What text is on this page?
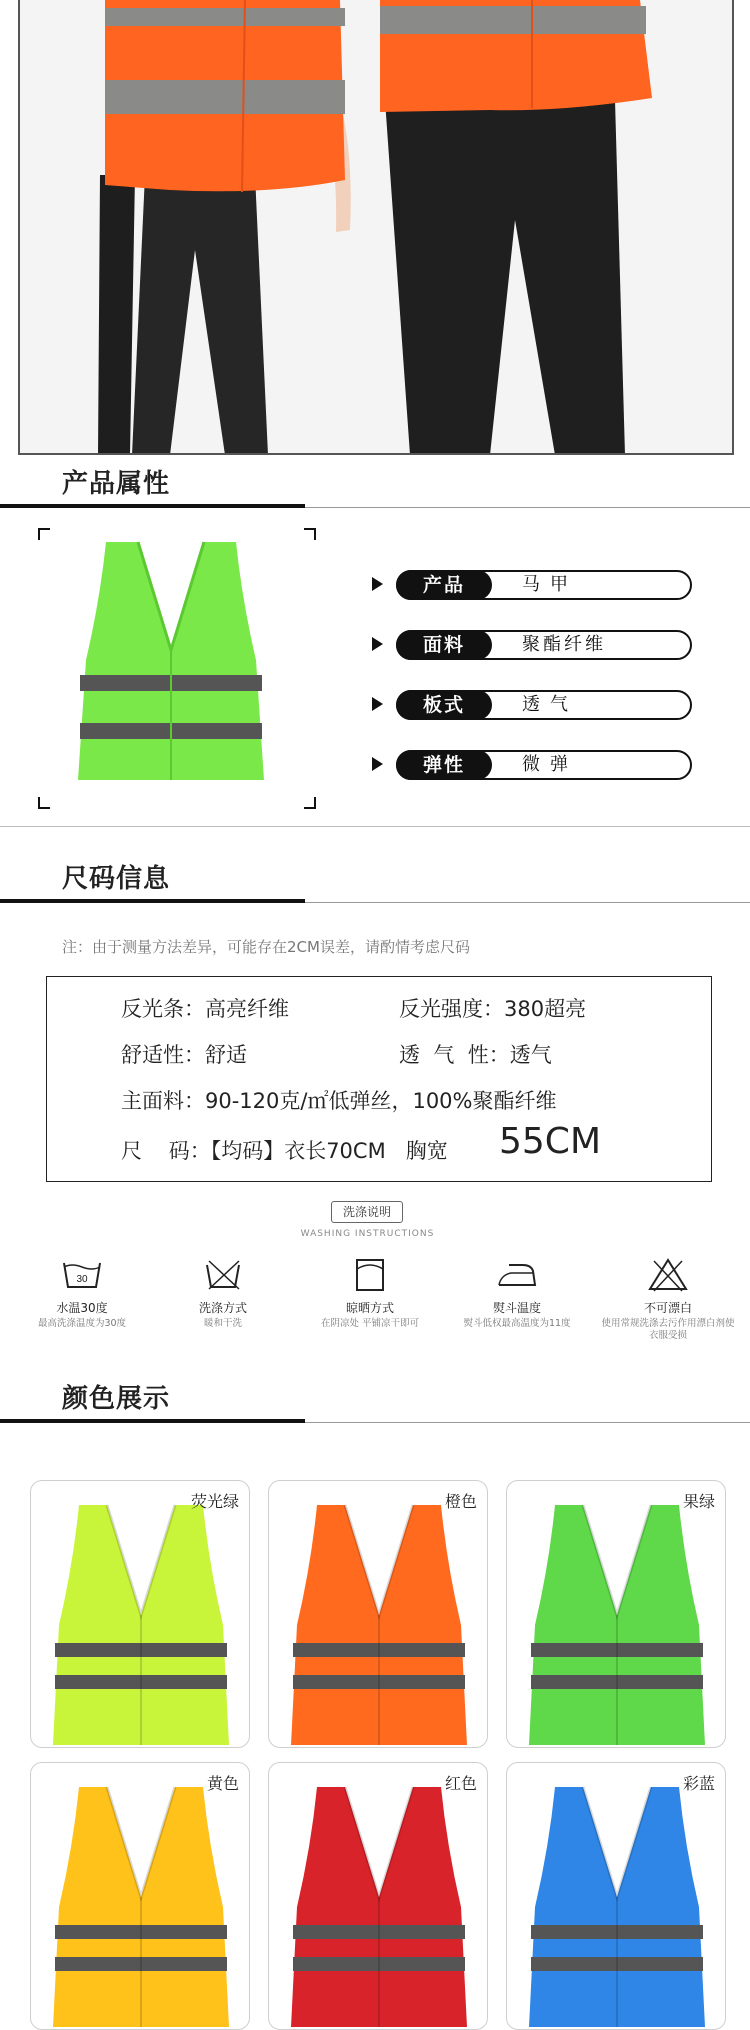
产品属性
产品	马甲
面料	聚酯纤维
板式	透气
弹性	微弹
尺码信息
注：由于测量方法差异，可能存在2CM误差，请酌情考虑尺码
反光条：高亮纤维	反光强度：380超亮
舒适性：舒适	透  气  性：透气
主面料：90-120克/㎡低弹丝，100%聚酯纤维
尺    码：【均码】衣长70CM   胸宽 55CM
洗涤说明
WASHING INSTRUCTIONS
30
水温30度
最高洗涤温度为30度
洗涤方式
暖和干洗
晾晒方式
在阴凉处 平铺凉干即可
熨斗温度
熨斗低权最高温度为11度
不可漂白
使用常规洗涤去污作用漂白剂使衣服受损
颜色展示
荧光绿	橙色	果绿
黄色	红色	彩蓝
